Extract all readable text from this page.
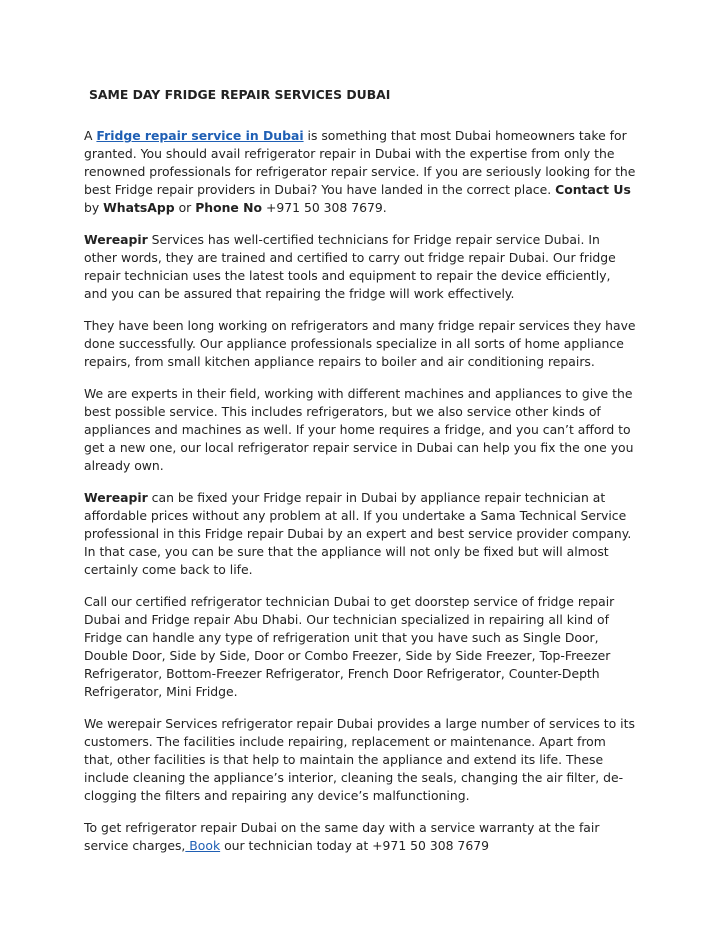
SAME DAY FRIDGE REPAIR SERVICES DUBAI

A Fridge repair service in Dubai is something that most Dubai homeowners take for granted. You should avail refrigerator repair in Dubai with the expertise from only the renowned professionals for refrigerator repair service. If you are seriously looking for the best Fridge repair providers in Dubai? You have landed in the correct place. Contact Us by WhatsApp or Phone No +971 50 308 7679.

Wereapir Services has well-certified technicians for Fridge repair service Dubai. In other words, they are trained and certified to carry out fridge repair Dubai. Our fridge repair technician uses the latest tools and equipment to repair the device efficiently, and you can be assured that repairing the fridge will work effectively.

They have been long working on refrigerators and many fridge repair services they have done successfully. Our appliance professionals specialize in all sorts of home appliance repairs, from small kitchen appliance repairs to boiler and air conditioning repairs.

We are experts in their field, working with different machines and appliances to give the best possible service. This includes refrigerators, but we also service other kinds of appliances and machines as well. If your home requires a fridge, and you can’t afford to get a new one, our local refrigerator repair service in Dubai can help you fix the one you already own.

Wereapir can be fixed your Fridge repair in Dubai by appliance repair technician at affordable prices without any problem at all. If you undertake a Sama Technical Service professional in this Fridge repair Dubai by an expert and best service provider company. In that case, you can be sure that the appliance will not only be fixed but will almost certainly come back to life.

Call our certified refrigerator technician Dubai to get doorstep service of fridge repair Dubai and Fridge repair Abu Dhabi. Our technician specialized in repairing all kind of Fridge can handle any type of refrigeration unit that you have such as Single Door, Double Door, Side by Side, Door or Combo Freezer, Side by Side Freezer, Top-Freezer Refrigerator, Bottom-Freezer Refrigerator, French Door Refrigerator, Counter-Depth Refrigerator, Mini Fridge.

We werepair Services refrigerator repair Dubai provides a large number of services to its customers. The facilities include repairing, replacement or maintenance. Apart from that, other facilities is that help to maintain the appliance and extend its life. These include cleaning the appliance’s interior, cleaning the seals, changing the air filter, de-clogging the filters and repairing any device’s malfunctioning.

To get refrigerator repair Dubai on the same day with a service warranty at the fair service charges, Book our technician today at +971 50 308 7679
